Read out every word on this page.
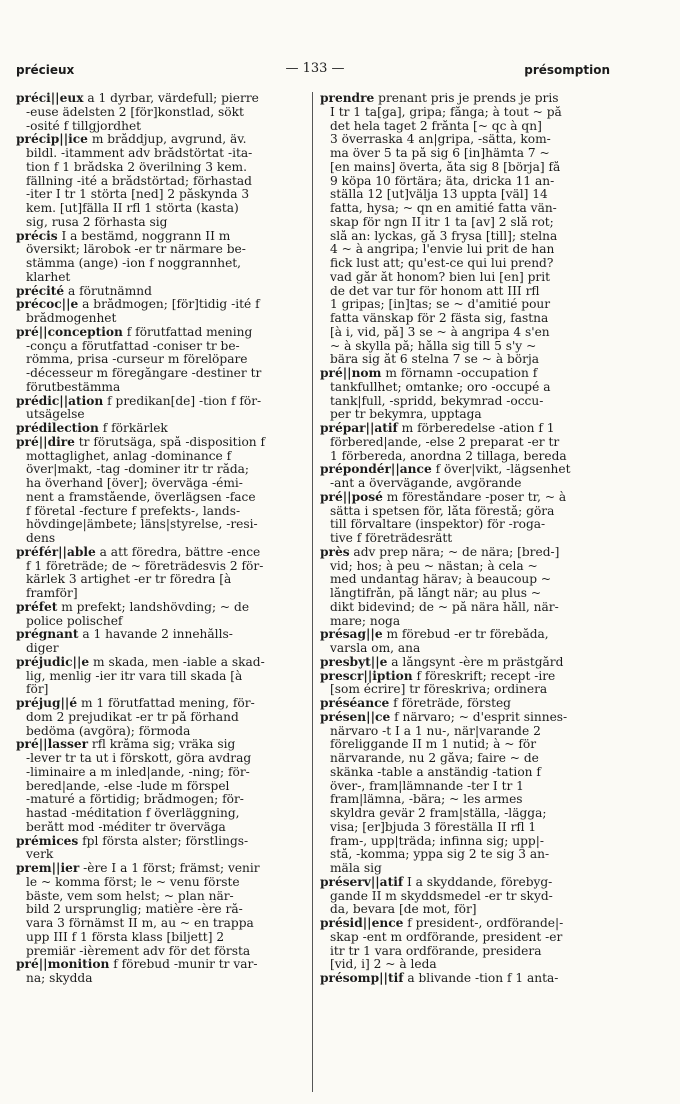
précieux	— 133 —	présomption
préci||eux a 1 dyrbar, värdefull; pierre
-euse ädelsten 2 [för]konstlad, sökt
-osité f tillgjordhet
précip||ice m bråddjup, avgrund, äv.
bildl. -itamment adv brådstörtat -ita-
tion f 1 brådska 2 överilning 3 kem.
fällning -ité a brådstörtad; förhastad
-iter I tr 1 störta [ned] 2 påskynda 3
kem. [ut]fälla II rfl 1 störta (kasta)
sig, rusa 2 förhasta sig
précis I a bestämd, noggrann II m
översikt; lärobok -er tr närmare be-
stämma (ange) -ion f noggrannhet,
klarhet
précité a förutnämnd
précoc||e a brådmogen; [för]tidig -ité f
brådmogenhet
pré||conception f förutfattad mening
-conçu a förutfattad -coniser tr be-
römma, prisa -curseur m förelöpare
-décesseur m föregångare -destiner tr
förutbestämma
prédic||ation f predikan[de] -tion f för-
utsägelse
prédilection f förkärlek
pré||dire tr förutsäga, spå -disposition f
mottaglighet, anlag -dominance f
över|makt, -tag -dominer itr tr råda;
ha överhand [över]; överväga -émi-
nent a framstående, överlägsen -face
f företal -fecture f prefekts-, lands-
hövdinge|ämbete; läns|styrelse, -resi-
dens
préfér||able a att föredra, bättre -ence
f 1 företräde; de ~ företrädesvis 2 för-
kärlek 3 artighet -er tr föredra [à
framför]
préfet m prefekt; landshövding; ~ de
police polischef
prégnant a 1 havande 2 innehålls-
diger
préjudic||e m skada, men -iable a skad-
lig, menlig -ier itr vara till skada [à
för]
préjug||é m 1 förutfattad mening, för-
dom 2 prejudikat -er tr på förhand
bedöma (avgöra); förmoda
pré||lasser rfl kråma sig; vräka sig
-lever tr ta ut i förskott, göra avdrag
-liminaire a m inled|ande, -ning; för-
bered|ande, -else -lude m förspel
-maturé a förtidig; brådmogen; för-
hastad -méditation f överläggning,
berått mod -méditer tr överväga
prémices fpl första alster; förstlings-
verk
prem||ier -ère I a 1 först; främst; venir
le ~ komma först; le ~ venu förste
bäste, vem som helst; ~ plan när-
bild 2 ursprunglig; matière -ère rå-
vara 3 förnämst II m, au ~ en trappa
upp III f 1 första klass [biljett] 2
premiär -ièrement adv för det första
pré||monition f förebud -munir tr var-
na; skydda
prendre prenant pris je prends je pris
I tr 1 ta[ga], gripa; fånga; à tout ~ på
det hela taget 2 frånta [~ qc à qn]
3 överraska 4 an|gripa, -sätta, kom-
ma över 5 ta på sig 6 [in]hämta 7 ~
[en mains] överta, åta sig 8 [börja] få
9 köpa 10 förtära; äta, dricka 11 an-
ställa 12 [ut]välja 13 uppta [väl] 14
fatta, hysa; ~ qn en amitié fatta vän-
skap för ngn II itr 1 ta [av] 2 slå rot;
slå an: lyckas, gå 3 frysa [till]; stelna
4 ~ à angripa; l'envie lui prit de han
fick lust att; qu'est-ce qui lui prend?
vad går åt honom? bien lui [en] prit
de det var tur för honom att III rfl
1 gripas; [in]tas; se ~ d'amitié pour
fatta vänskap för 2 fästa sig, fastna
[à i, vid, på] 3 se ~ à angripa 4 s'en
~ à skylla på; hålla sig till 5 s'y ~
bära sig åt 6 stelna 7 se ~ à börja
pré||nom m förnamn -occupation f
tankfullhet; omtanke; oro -occupé a
tank|full, -spridd, bekymrad -occu-
per tr bekymra, upptaga
prépar||atif m förberedelse -ation f 1
förbered|ande, -else 2 preparat -er tr
1 förbereda, anordna 2 tillaga, bereda
prépondér||ance f över|vikt, -lägsenhet
-ant a övervägande, avgörande
pré||posé m föreståndare -poser tr, ~ à
sätta i spetsen för, låta förestå; göra
till förvaltare (inspektor) för -roga-
tive f företrädesrätt
près adv prep nära; ~ de nära; [bred-]
vid; hos; à peu ~ nästan; à cela ~
med undantag härav; à beaucoup ~
långtifrån, på långt när; au plus ~
dikt bidevind; de ~ på nära håll, när-
mare; noga
présag||e m förebud -er tr förebåda,
varsla om, ana
presbyt||e a långsynt -ère m prästgård
prescr||iption f föreskrift; recept -ire
[som écrire] tr föreskriva; ordinera
préséance f företräde, försteg
présen||ce f närvaro; ~ d'esprit sinnes-
närvaro -t I a 1 nu-, när|varande 2
föreliggande II m 1 nutid; à ~ för
närvarande, nu 2 gåva; faire ~ de
skänka -table a anständig -tation f
över-, fram|lämnande -ter I tr 1
fram|lämna, -bära; ~ les armes
skyldra gevär 2 fram|ställa, -lägga;
visa; [er]bjuda 3 föreställa II rfl 1
fram-, upp|träda; infinna sig; upp|-
stå, -komma; yppa sig 2 te sig 3 an-
mäla sig
préserv||atif I a skyddande, förebyg-
gande II m skyddsmedel -er tr skyd-
da, bevara [de mot, för]
présid||ence f president-, ordförande|-
skap -ent m ordförande, president -er
itr tr 1 vara ordförande, presidera
[vid, i] 2 ~ à leda
présomp||tif a blivande -tion f 1 anta-
